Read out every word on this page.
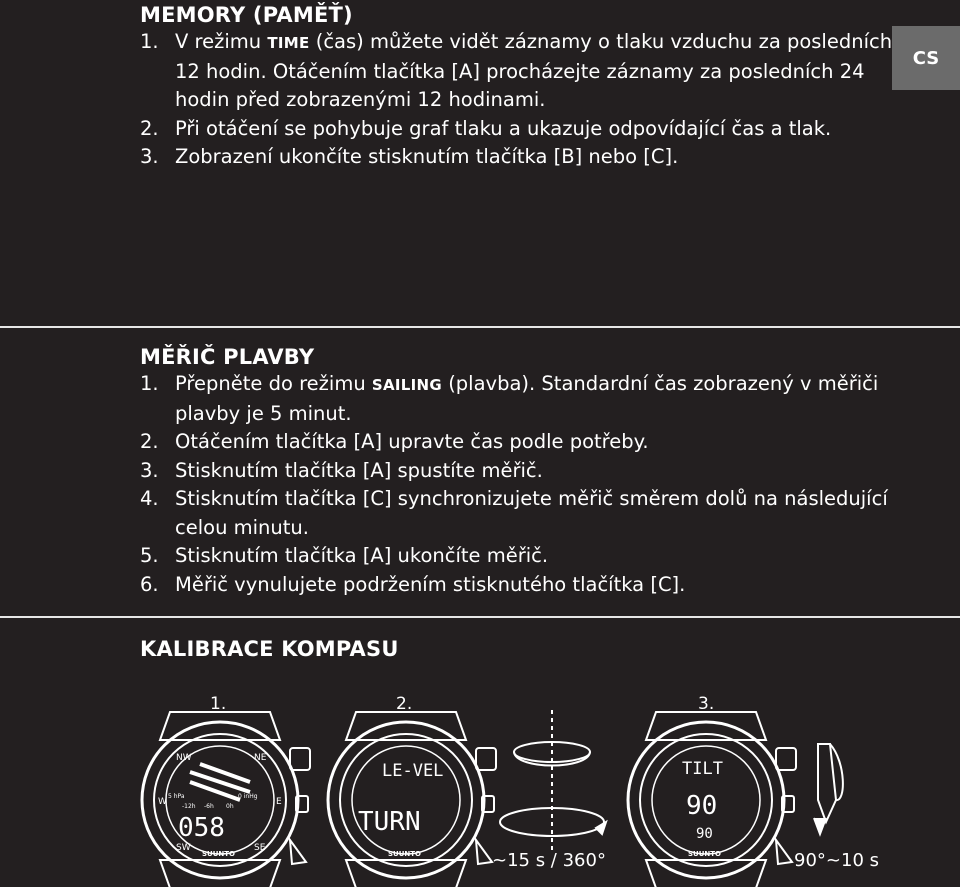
CS
MEMORY (PAMĚŤ)
1. V režimu TIME (čas) můžete vidět záznamy o tlaku vzduchu za posledních 12 hodin. Otáčením tlačítka [A] procházejte záznamy za posledních 24 hodin před zobrazenými 12 hodinami.
2. Při otáčení se pohybuje graf tlaku a ukazuje odpovídající čas a tlak.
3. Zobrazení ukončíte stisknutím tlačítka [B] nebo [C].
MĚŘIČ PLAVBY
1. Přepněte do režimu SAILING (plavba). Standardní čas zobrazený v měřiči plavby je 5 minut.
2. Otáčením tlačítka [A] upravte čas podle potřeby.
3. Stisknutím tlačítka [A] spustíte měřič.
4. Stisknutím tlačítka [C] synchronizujete měřič směrem dolů na následující celou minutu.
5. Stisknutím tlačítka [A] ukončíte měřič.
6. Měřič vynulujete podržením stisknutého tlačítka [C].
KALIBRACE KOMPASU
1.	2.	3.
NW	NE
W	E
SW	SE
5 hPa
-12h -6h 0h
0 inHg
058
SUUNTO
LE-VEL
TURN
SUUNTO	~15 s / 360°
TILT
90
90
SUUNTO	90°~10 s
